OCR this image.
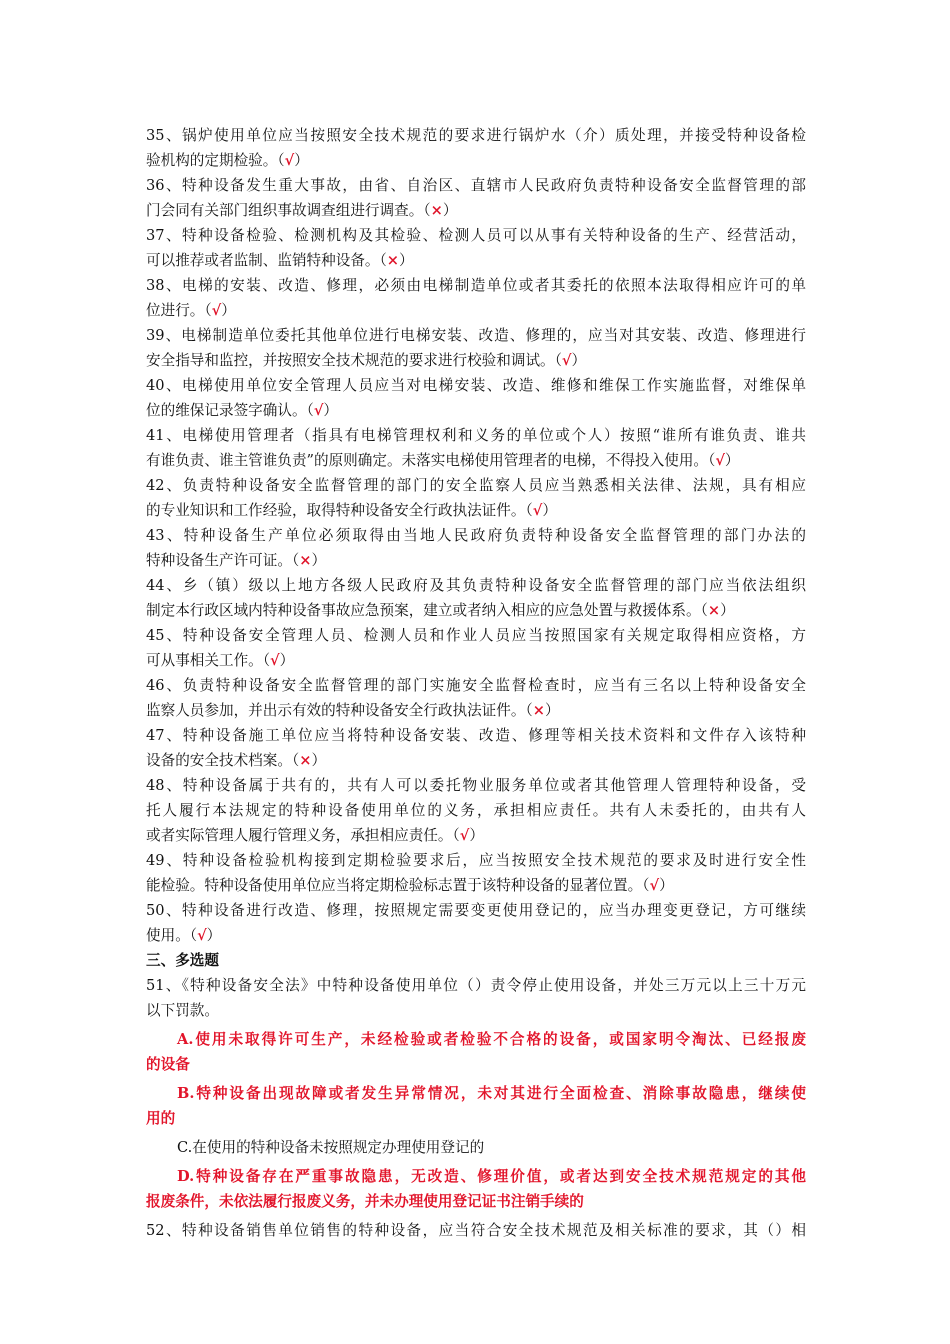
35、锅炉使用单位应当按照安全技术规范的要求进行锅炉水（介）质处理，并接受特种设备检
验机构的定期检验。（√）
36、特种设备发生重大事故，由省、自治区、直辖市人民政府负责特种设备安全监督管理的部
门会同有关部门组织事故调查组进行调查。（×）
37、特种设备检验、检测机构及其检验、检测人员可以从事有关特种设备的生产、经营活动，
可以推荐或者监制、监销特种设备。（×）
38、电梯的安装、改造、修理，必须由电梯制造单位或者其委托的依照本法取得相应许可的单
位进行。（√）
39、电梯制造单位委托其他单位进行电梯安装、改造、修理的，应当对其安装、改造、修理进行
安全指导和监控，并按照安全技术规范的要求进行校验和调试。（√）
40、电梯使用单位安全管理人员应当对电梯安装、改造、维修和维保工作实施监督，对维保单
位的维保记录签字确认。（√）
41、电梯使用管理者（指具有电梯管理权利和义务的单位或个人）按照“谁所有谁负责、谁共
有谁负责、谁主管谁负责”的原则确定。未落实电梯使用管理者的电梯，不得投入使用。（√）
42、负责特种设备安全监督管理的部门的安全监察人员应当熟悉相关法律、法规，具有相应
的专业知识和工作经验，取得特种设备安全行政执法证件。（√）
43、特种设备生产单位必须取得由当地人民政府负责特种设备安全监督管理的部门办法的
特种设备生产许可证。（×）
44、乡（镇）级以上地方各级人民政府及其负责特种设备安全监督管理的部门应当依法组织
制定本行政区域内特种设备事故应急预案，建立或者纳入相应的应急处置与救援体系。（×）
45、特种设备安全管理人员、检测人员和作业人员应当按照国家有关规定取得相应资格，方
可从事相关工作。（√）
46、负责特种设备安全监督管理的部门实施安全监督检查时，应当有三名以上特种设备安全
监察人员参加，并出示有效的特种设备安全行政执法证件。（×）
47、特种设备施工单位应当将特种设备安装、改造、修理等相关技术资料和文件存入该特种
设备的安全技术档案。（×）
48、特种设备属于共有的，共有人可以委托物业服务单位或者其他管理人管理特种设备，受
托人履行本法规定的特种设备使用单位的义务，承担相应责任。共有人未委托的，由共有人
或者实际管理人履行管理义务，承担相应责任。（√）
49、特种设备检验机构接到定期检验要求后，应当按照安全技术规范的要求及时进行安全性
能检验。特种设备使用单位应当将定期检验标志置于该特种设备的显著位置。（√）
50、特种设备进行改造、修理，按照规定需要变更使用登记的，应当办理变更登记，方可继续
使用。（√）
三、多选题
51、《特种设备安全法》中特种设备使用单位（）责令停止使用设备，并处三万元以上三十万元
以下罚款。
A.使用未取得许可生产，未经检验或者检验不合格的设备，或国家明令淘汰、已经报废
的设备
B.特种设备出现故障或者发生异常情况，未对其进行全面检查、消除事故隐患，继续使
用的
C.在使用的特种设备未按照规定办理使用登记的
D.特种设备存在严重事故隐患，无改造、修理价值，或者达到安全技术规范规定的其他
报废条件，未依法履行报废义务，并未办理使用登记证书注销手续的
52、特种设备销售单位销售的特种设备，应当符合安全技术规范及相关标准的要求，其（）相
